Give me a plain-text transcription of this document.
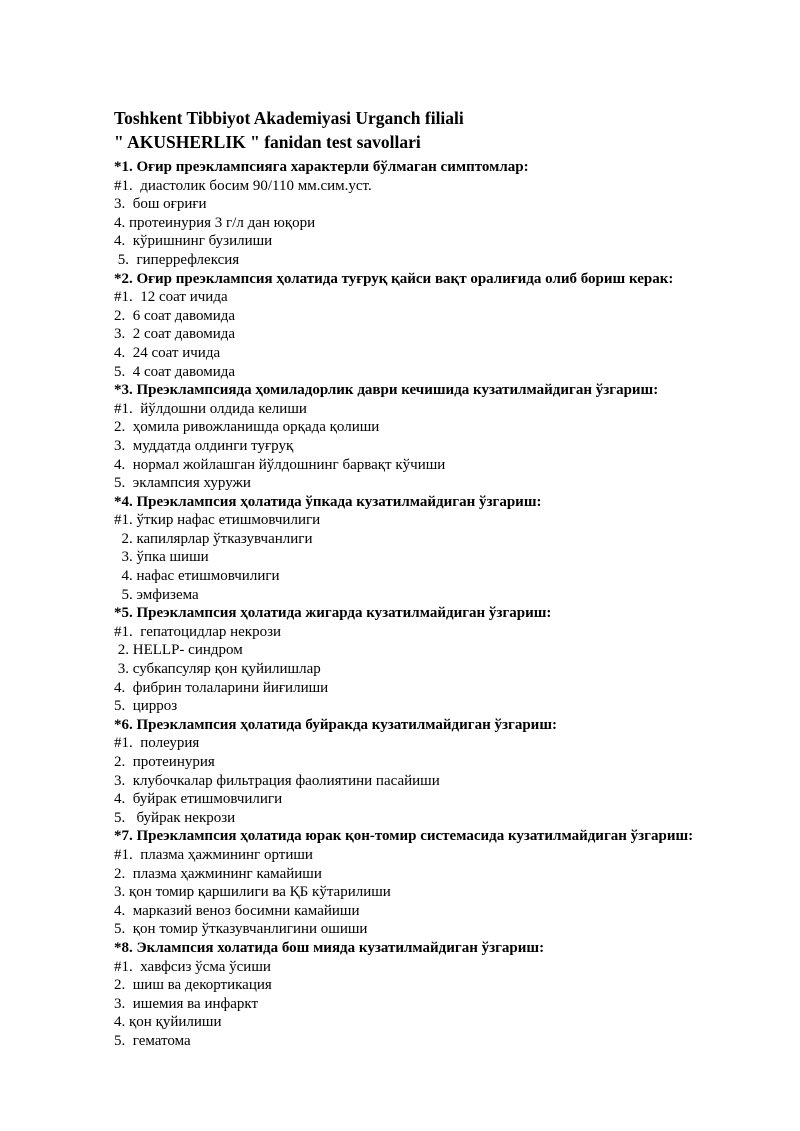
Toshkent Tibbiyot Akademiyasi Urganch filiali
" AKUSHERLIK " fanidan test savollari
*1. Оғир преэклампсияга характерли бўлмаган симптомлар:
#1.  диастолик босим 90/110 мм.сим.уст.
3.  бош оғриғи
4. протеинурия 3 г/л дан юқори
4.  кўришнинг бузилиши
5.  гиперрефлексия
*2. Оғир преэклампсия ҳолатида туғруқ қайси вақт оралиғида олиб бориш керак:
#1.  12 соат ичида
2.  6 соат давомида
3.  2 соат давомида
4.  24 соат ичида
5.  4 соат давомида
*3. Преэклампсияда ҳомиладорлик даври кечишида кузатилмайдиган ўзгариш:
#1.  йўлдошни олдида келиши
2.  ҳомила ривожланишда орқада қолиши
3.  муддатда олдинги туғруқ
4.  нормал жойлашган йўлдошнинг барвақт кўчиши
5.  эклампсия хуружи
*4. Преэклампсия ҳолатида ўпкада кузатилмайдиган ўзгариш:
#1. ўткир нафас етишмовчилиги
2. капилярлар ўтказувчанлиги
3. ўпка шиши
4. нафас етишмовчилиги
5. эмфизема
*5. Преэклампсия ҳолатида жигарда кузатилмайдиган ўзгариш:
#1.  гепатоцидлар некрози
2. HELLP- синдром
3. субкапсуляр қон қуйилишлар
4.  фибрин толаларини йиғилиши
5.  цирроз
*6. Преэклампсия ҳолатида буйракда кузатилмайдиган ўзгариш:
#1.  полеурия
2.  протеинурия
3.  клубочкалар фильтрация фаолиятини пасайиши
4.  буйрак етишмовчилиги
5.   буйрак некрози
*7. Преэклампсия ҳолатида юрак қон-томир системасида кузатилмайдиган ўзгариш:
#1.  плазма ҳажмининг ортиши
2.  плазма ҳажмининг камайиши
3. қон томир қаршилиги ва ҚБ кўтарилиши
4.  марказий веноз босимни камайиши
5.  қон томир ўтказувчанлигини ошиши
*8. Эклампсия холатида бош мияда кузатилмайдиган ўзгариш:
#1.  хавфсиз ўсма ўсиши
2.  шиш ва декортикация
3.  ишемия ва инфаркт
4. қон қуйилиши
5.  гематома
